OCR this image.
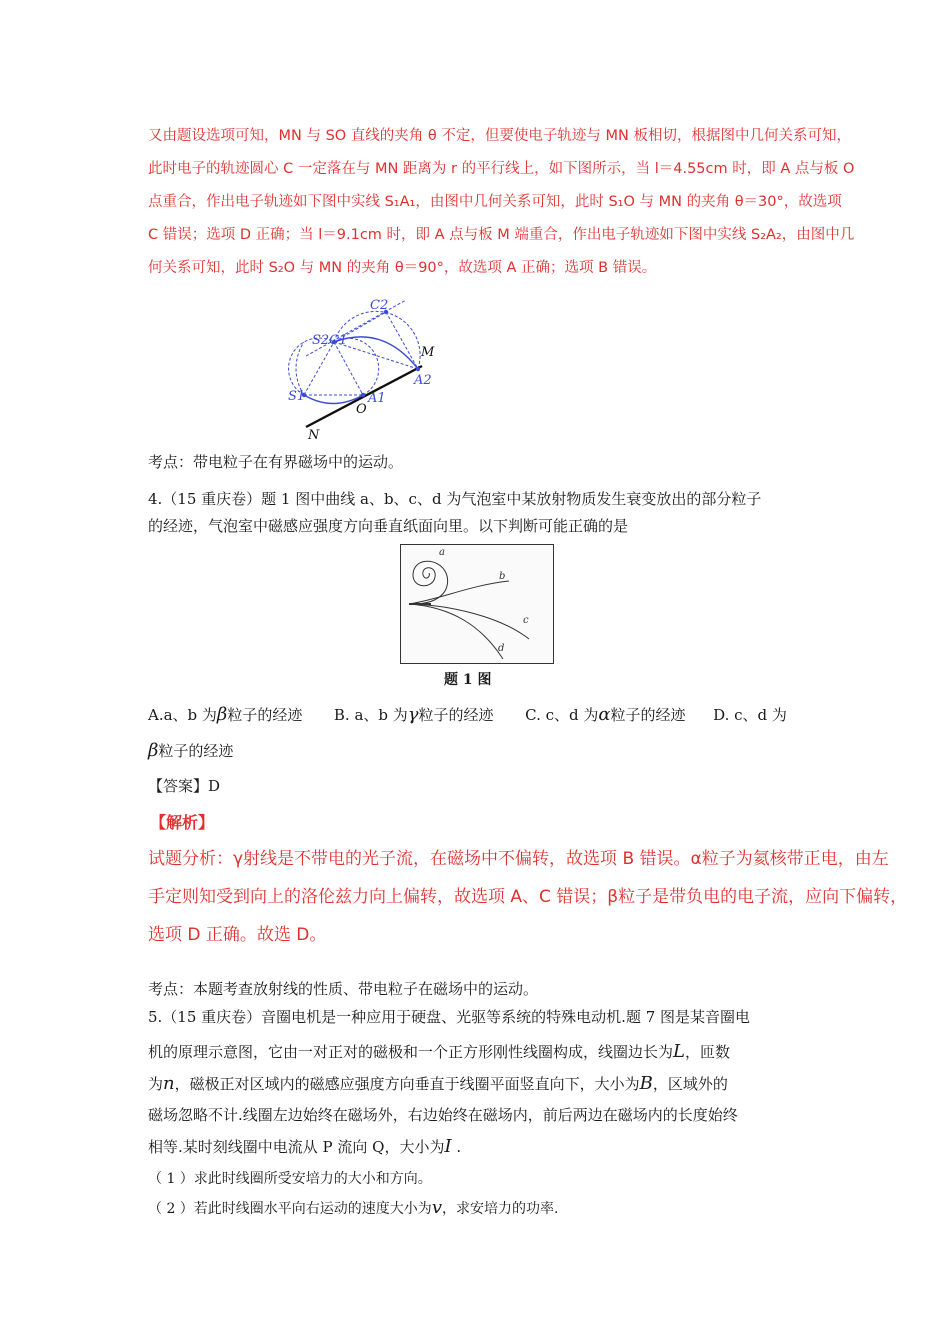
又由题设选项可知，MN 与 SO 直线的夹角 θ 不定，但要使电子轨迹与 MN 板相切，根据图中几何关系可知，
此时电子的轨迹圆心 C 一定落在与 MN 距离为 r 的平行线上，如下图所示，当 l＝4.55cm 时，即 A 点与板 O
点重合，作出电子轨迹如下图中实线 S₁A₁，由图中几何关系可知，此时 S₁O 与 MN 的夹角 θ＝30°，故选项
C 错误；选项 D 正确；当 l＝9.1cm 时，即 A 点与板 M 端重合，作出电子轨迹如下图中实线 S₂A₂，由图中几
何关系可知，此时 S₂O 与 MN 的夹角 θ＝90°，故选项 A 正确；选项 B 错误。
C2
S2C1
A2
S1	A1
M
O
N
考点：带电粒子在有界磁场中的运动。
4.（15 重庆卷）题 1 图中曲线 a、b、c、d 为气泡室中某放射物质发生衰变放出的部分粒子
的经迹，气泡室中磁感应强度方向垂直纸面向里。以下判断可能正确的是
a
b
c
d
题 1 图
A.a、b 为β粒子的经迹 B. a、b 为γ粒子的经迹 C. c、d 为α粒子的经迹 D. c、d 为
β粒子的经迹
【答案】D
【解析】
试题分析：γ射线是不带电的光子流，在磁场中不偏转，故选项 B 错误。α粒子为氦核带正电，由左
手定则知受到向上的洛伦兹力向上偏转，故选项 A、C 错误；β粒子是带负电的电子流，应向下偏转，
选项 D 正确。故选 D。
考点：本题考查放射线的性质、带电粒子在磁场中的运动。
5.（15 重庆卷）音圈电机是一种应用于硬盘、光驱等系统的特殊电动机.题 7 图是某音圈电
机的原理示意图，它由一对正对的磁极和一个正方形刚性线圈构成，线圈边长为L，匝数
为n，磁极正对区域内的磁感应强度方向垂直于线圈平面竖直向下，大小为B，区域外的
磁场忽略不计.线圈左边始终在磁场外，右边始终在磁场内，前后两边在磁场内的长度始终
相等.某时刻线圈中电流从 P 流向 Q，大小为I .
（ 1 ）求此时线圈所受安培力的大小和方向。
（ 2 ）若此时线圈水平向右运动的速度大小为v，求安培力的功率.
